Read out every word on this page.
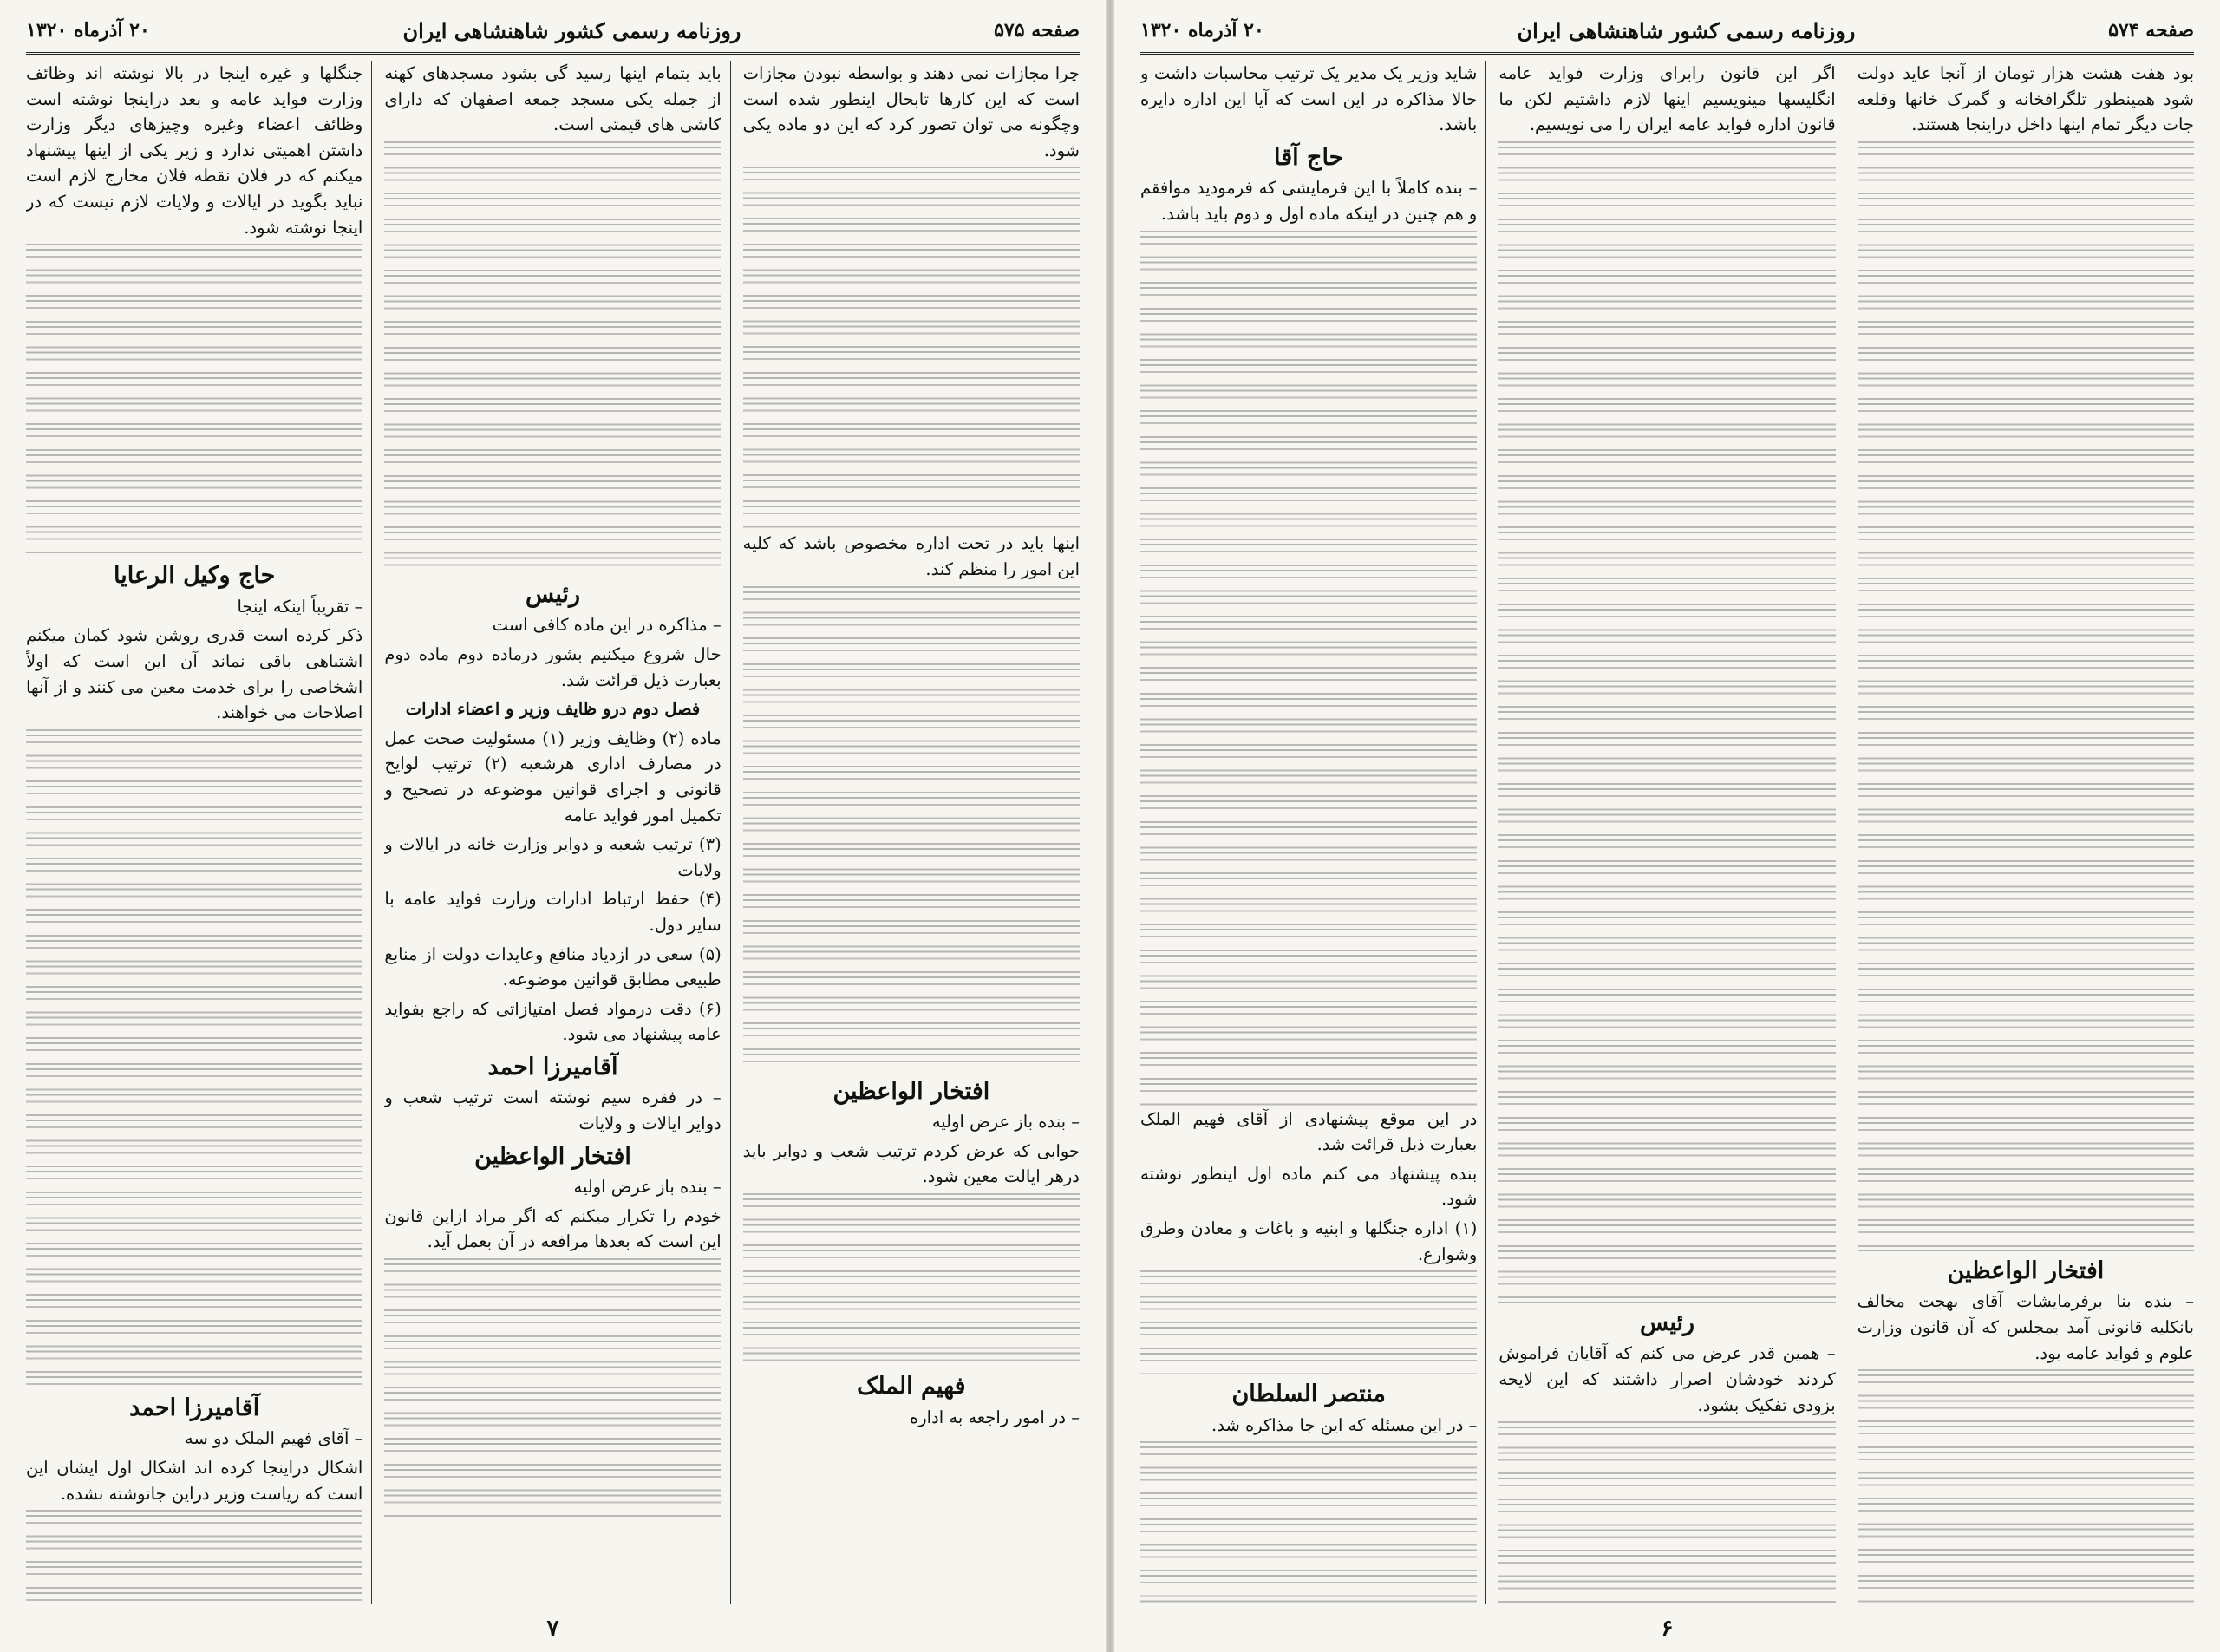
صفحه ۵۷۵
روزنامه رسمی کشور شاهنشاهی ایران
۲۰ آذرماه ۱۳۲۰

چرا مجازات نمی دهند و بواسطه نبودن مجازات است که این کارها تابحال اینطور شده است وچگونه می توان تصور کرد که این دو ماده یکی شود.

اینها باید در تحت اداره مخصوص باشد که کلیه این امور را منظم کند.

افتخار الواعظین

– بنده باز عرض اولیه

جوابی که عرض کردم ترتیب شعب و دوایر باید درهر ایالت معین شود.

فهیم الملک

– در امور راجعه به اداره

باید بتمام اینها رسید گی بشود مسجدهای کهنه از جمله یکی مسجد جمعه اصفهان که دارای کاشی های قیمتی است.

رئیس

– مذاکره در این ماده کافی است

حال شروع میکنیم بشور درماده دوم ماده دوم بعبارت ذیل قرائت شد.

فصل دوم درو ظایف وزیر و اعضاء ادارات

ماده (۲) وظایف وزیر (۱) مسئولیت صحت عمل در مصارف اداری هرشعبه (۲) ترتیب لوایح قانونی و اجرای قوانین موضوعه در تصحیح و تکمیل امور فواید عامه

(۳) ترتیب شعبه و دوایر وزارت خانه در ایالات و ولایات

(۴) حفظ ارتباط ادارات وزارت فواید عامه با سایر دول.

(۵) سعی در ازدیاد منافع وعایدات دولت از منابع طبیعی مطابق قوانین موضوعه.

(۶) دقت درمواد فصل امتیازاتی که راجع بفواید عامه پیشنهاد می شود.

آقامیرزا احمد

– در فقره سیم نوشته است ترتیب شعب و دوایر ایالات و ولایات

افتخار الواعظین

– بنده باز عرض اولیه

خودم را تکرار میکنم که اگر مراد ازاین قانون این است که بعدها مرافعه در آن بعمل آید.

جنگلها و غیره اینجا در بالا نوشته اند وظائف وزارت فواید عامه و بعد دراینجا نوشته است وظائف اعضاء وغیره وچیزهای دیگر وزارت داشتن اهمیتی ندارد و زیر یکی از اینها پیشنهاد میکنم که در فلان نقطه فلان مخارج لازم است نباید بگوید در ایالات و ولایات لازم نیست که در اینجا نوشته شود.

حاج وکیل الرعایا

– تقریباً اینکه اینجا

ذکر کرده است قدری روشن شود کمان میکنم اشتباهی باقی نماند آن این است که اولاً اشخاصی را برای خدمت معین می کنند و از آنها اصلاحات می خواهند.

آقامیرزا احمد

– آقای فهیم الملک دو سه

اشکال دراینجا کرده اند اشکال اول ایشان این است که ریاست وزیر دراین جانوشته نشده.

۷
صفحه ۵۷۴
روزنامه رسمی کشور شاهنشاهی ایران
۲۰ آذرماه ۱۳۲۰

بود هفت هشت هزار تومان از آنجا عاید دولت شود همینطور تلگرافخانه و گمرک خانها وقلعه جات دیگر تمام اینها داخل دراینجا هستند.

افتخار الواعظین

– بنده بنا برفرمایشات آقای بهجت مخالف بانکلیه قانونی آمد بمجلس که آن قانون وزارت علوم و فواید عامه بود.

اگر این قانون رابرای وزارت فواید عامه انگلیسها مینویسیم اینها لازم داشتیم لکن ما قانون اداره فواید عامه ایران را می نویسیم.

رئیس

– همین قدر عرض می کنم که آقایان فراموش کردند خودشان اصرار داشتند که این لایحه بزودی تفکیک بشود.

شاید وزیر یک مدیر یک ترتیب محاسبات داشت و حالا مذاکره در این است که آیا این اداره دایره باشد.

حاج آقا

– بنده کاملاً با این فرمایشی که فرمودید موافقم و هم چنین در اینکه ماده اول و دوم باید باشد.

در این موقع پیشنهادی از آقای فهیم الملک بعبارت ذیل قرائت شد.

بنده پیشنهاد می کنم ماده اول اینطور نوشته شود.

(۱) اداره جنگلها و ابنیه و باغات و معادن وطرق وشوارع.

منتصر السلطان

– در این مسئله که این جا مذاکره شد.

۶
